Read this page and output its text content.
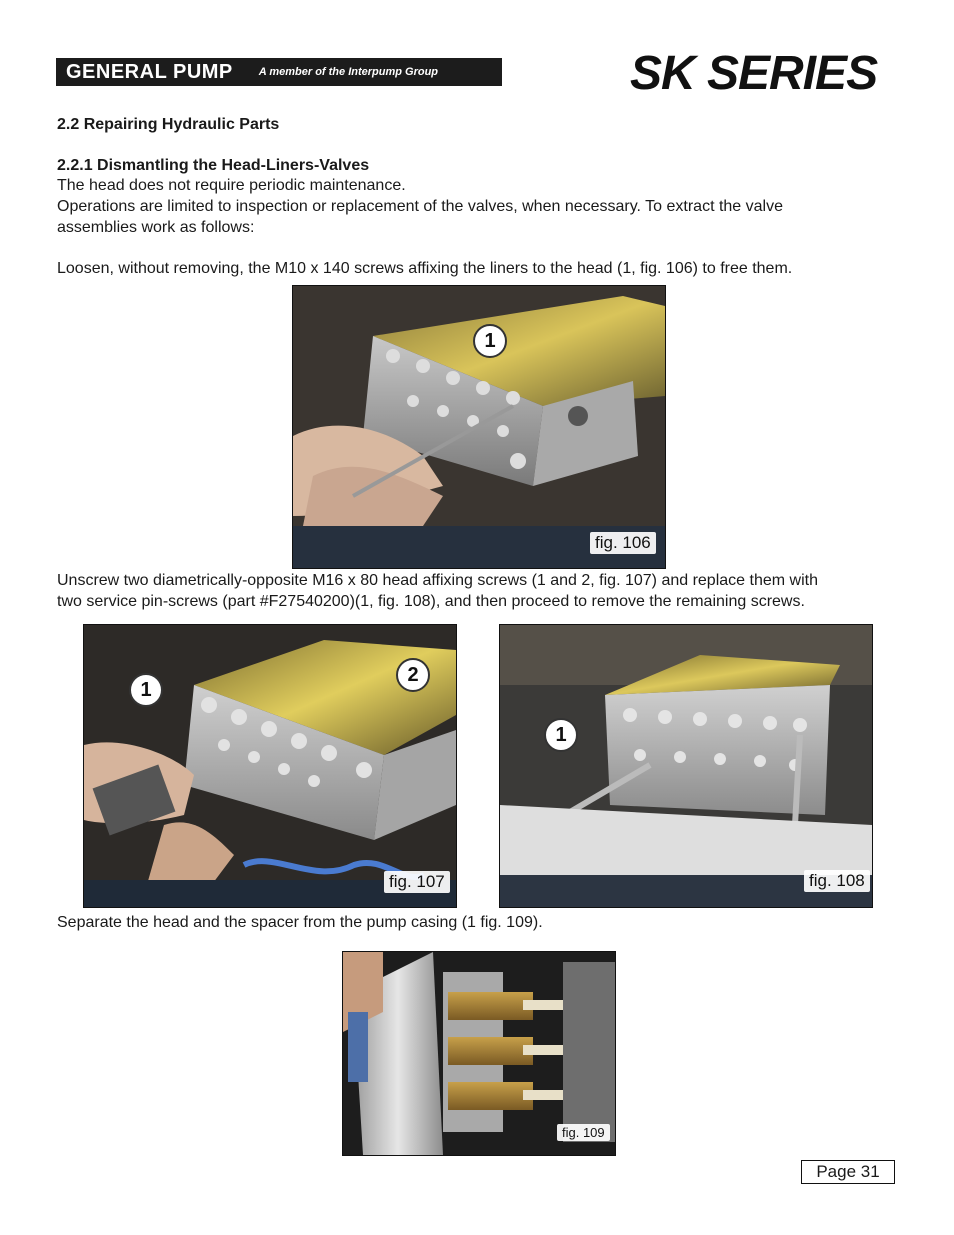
GENERAL PUMP A member of the Interpump Group	SK SERIES
2.2 Repairing Hydraulic Parts
2.2.1 Dismantling the Head-Liners-Valves
The head does not require periodic maintenance.
Operations are limited to inspection or replacement of the valves, when necessary. To extract the valve
assemblies work as follows:
Loosen, without removing, the M10 x 140 screws affixing the liners to the head (1, fig. 106) to free them.
1
fig. 106
Unscrew two diametrically-opposite M16 x 80 head affixing screws (1 and 2, fig. 107) and replace them with
two service pin-screws (part #F27540200)(1, fig. 108), and then proceed to remove the remaining screws.
1
2
fig. 107
1
fig. 108
Separate the head and the spacer from the pump casing (1 fig. 109).
fig. 109
Page 31
